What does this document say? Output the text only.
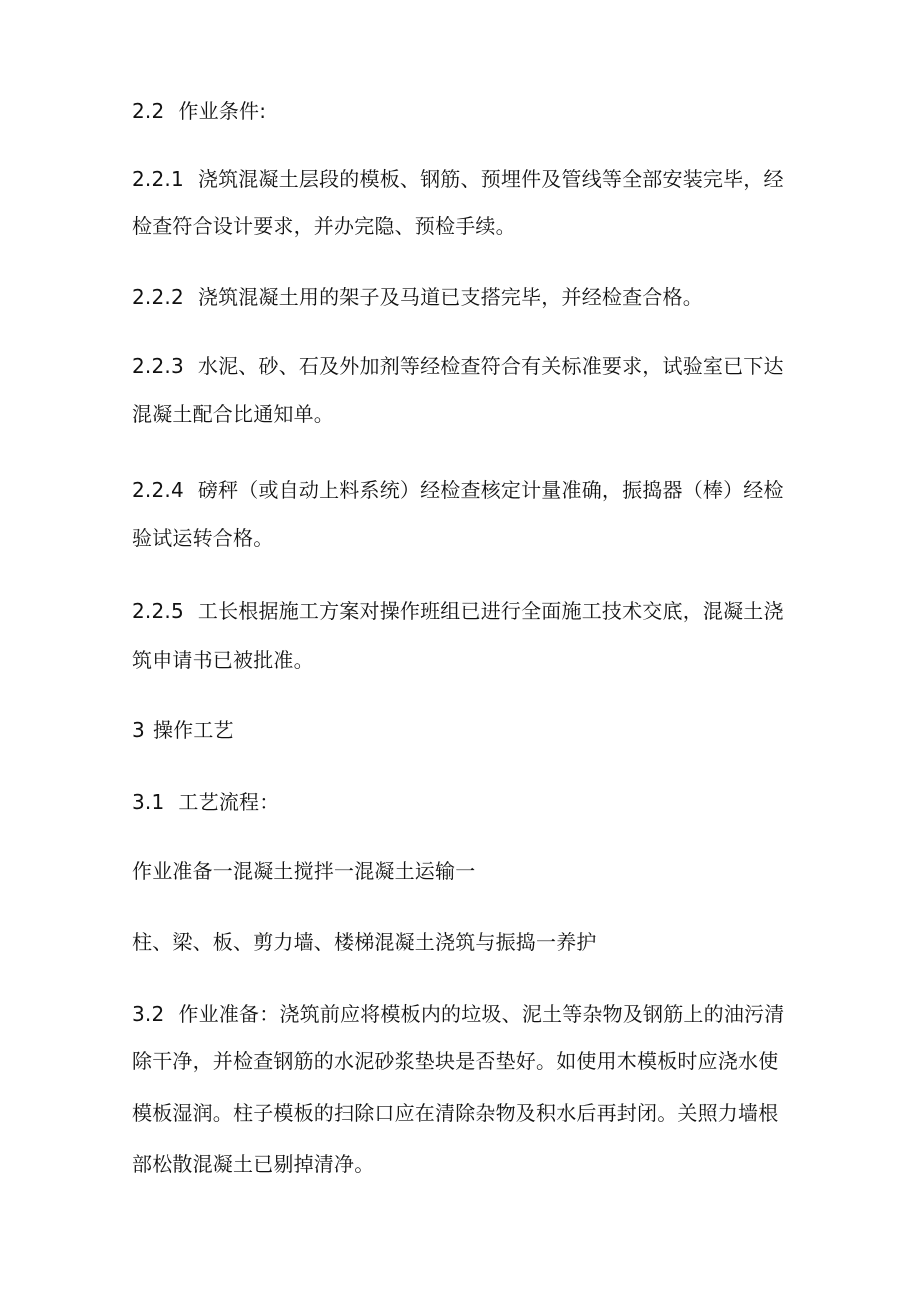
2.2 作业条件:

2.2.1 浇筑混凝土层段的模板、钢筋、预埋件及管线等全部安装完毕，经

检查符合设计要求，并办完隐、预检手续。

2.2.2 浇筑混凝土用的架子及马道已支搭完毕，并经检查合格。

2.2.3 水泥、砂、石及外加剂等经检查符合有关标准要求，试验室已下达

混凝土配合比通知单。

2.2.4 磅秤（或自动上料系统）经检查核定计量准确，振捣器（棒）经检

验试运转合格。

2.2.5 工长根据施工方案对操作班组已进行全面施工技术交底，混凝土浇

筑申请书已被批准。

3 操作工艺

3.1 工艺流程：

作业准备一混凝土搅拌一混凝土运输一

柱、梁、板、剪力墙、楼梯混凝土浇筑与振捣一养护

3.2 作业准备：浇筑前应将模板内的垃圾、泥土等杂物及钢筋上的油污清

除干净，并检查钢筋的水泥砂浆垫块是否垫好。如使用木模板时应浇水使

模板湿润。柱子模板的扫除口应在清除杂物及积水后再封闭。关照力墙根

部松散混凝土已剔掉清净。
